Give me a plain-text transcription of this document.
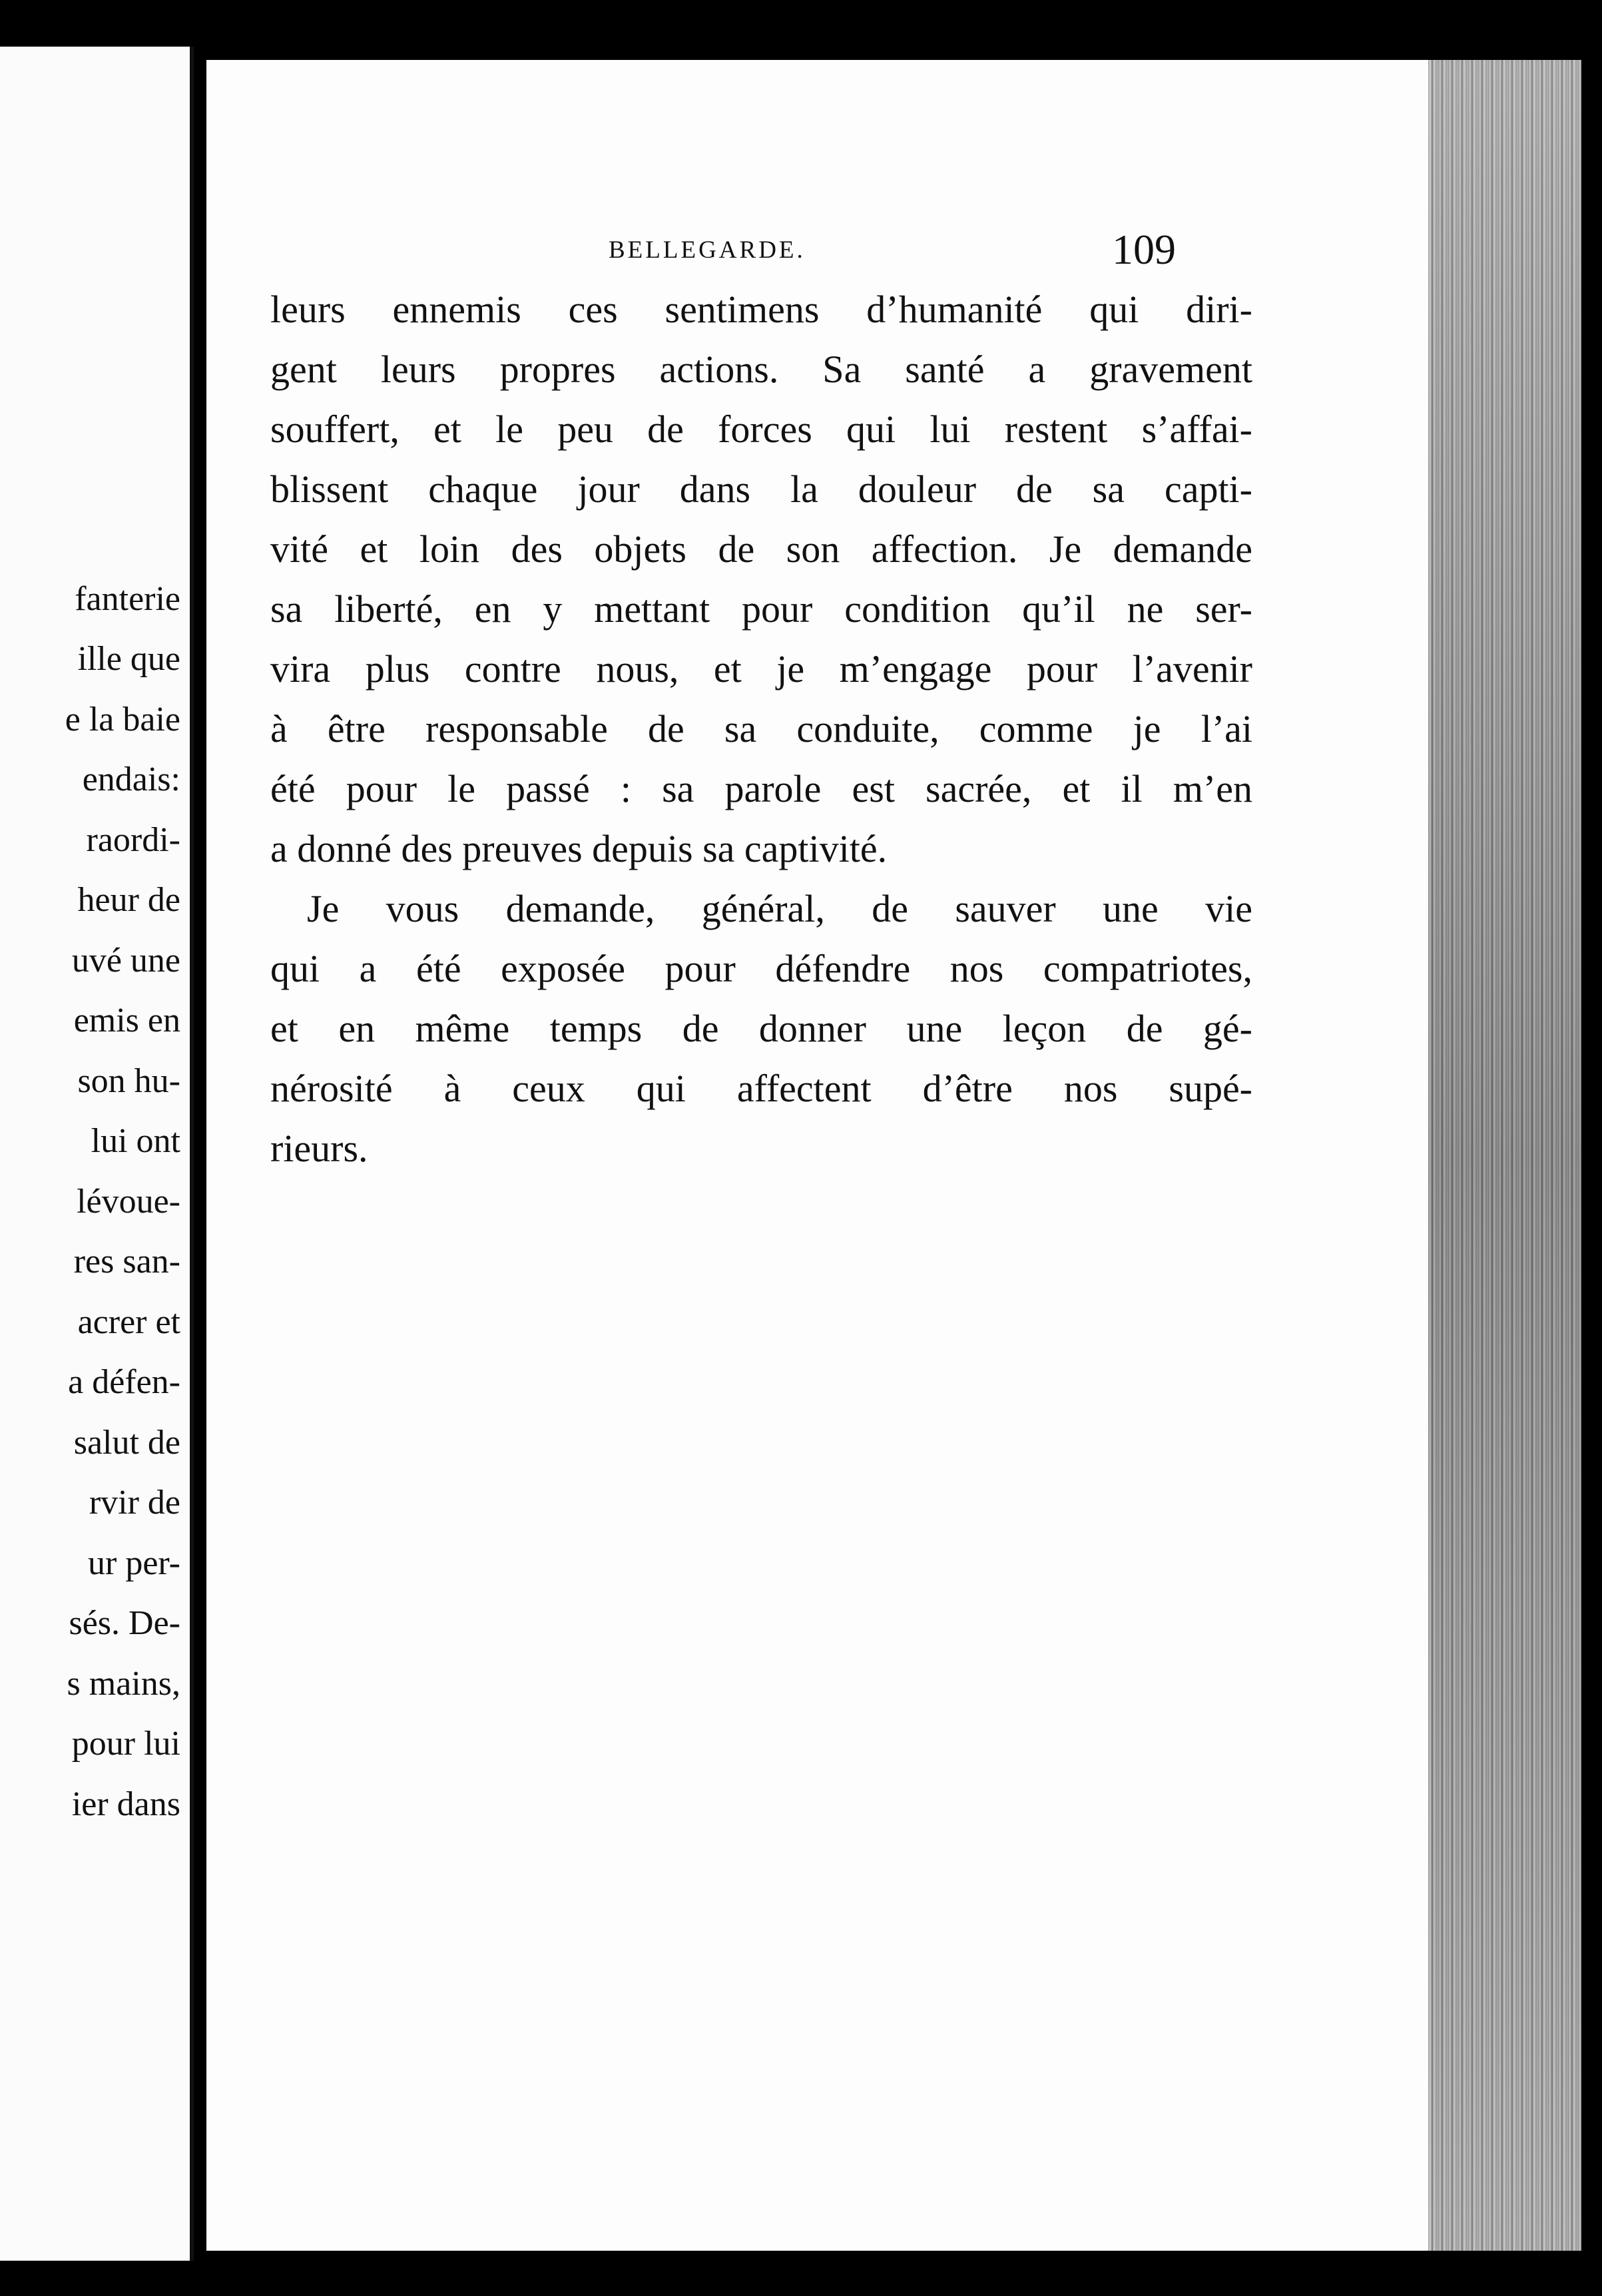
fanterie
ille que
e la baie
endais:
raordi-
heur de
uvé une
emis en
son hu-
lui ont
lévoue-
res san-
acrer et
a défen-
salut de
rvir de
ur per-
sés. De-
s mains,
pour lui
ier dans
BELLEGARDE.	109
leurs ennemis ces sentimens d’humanité qui diri-
gent leurs propres actions. Sa santé a gravement
souffert, et le peu de forces qui lui restent s’affai-
blissent chaque jour dans la douleur de sa capti-
vité et loin des objets de son affection. Je demande
sa liberté, en y mettant pour condition qu’il ne ser-
vira plus contre nous, et je m’engage pour l’avenir
à être responsable de sa conduite, comme je l’ai
été pour le passé : sa parole est sacrée, et il m’en
a donné des preuves depuis sa captivité.
Je vous demande, général, de sauver une vie
qui a été exposée pour défendre nos compatriotes,
et en même temps de donner une leçon de gé-
nérosité à ceux qui affectent d’être nos supé-
rieurs.
